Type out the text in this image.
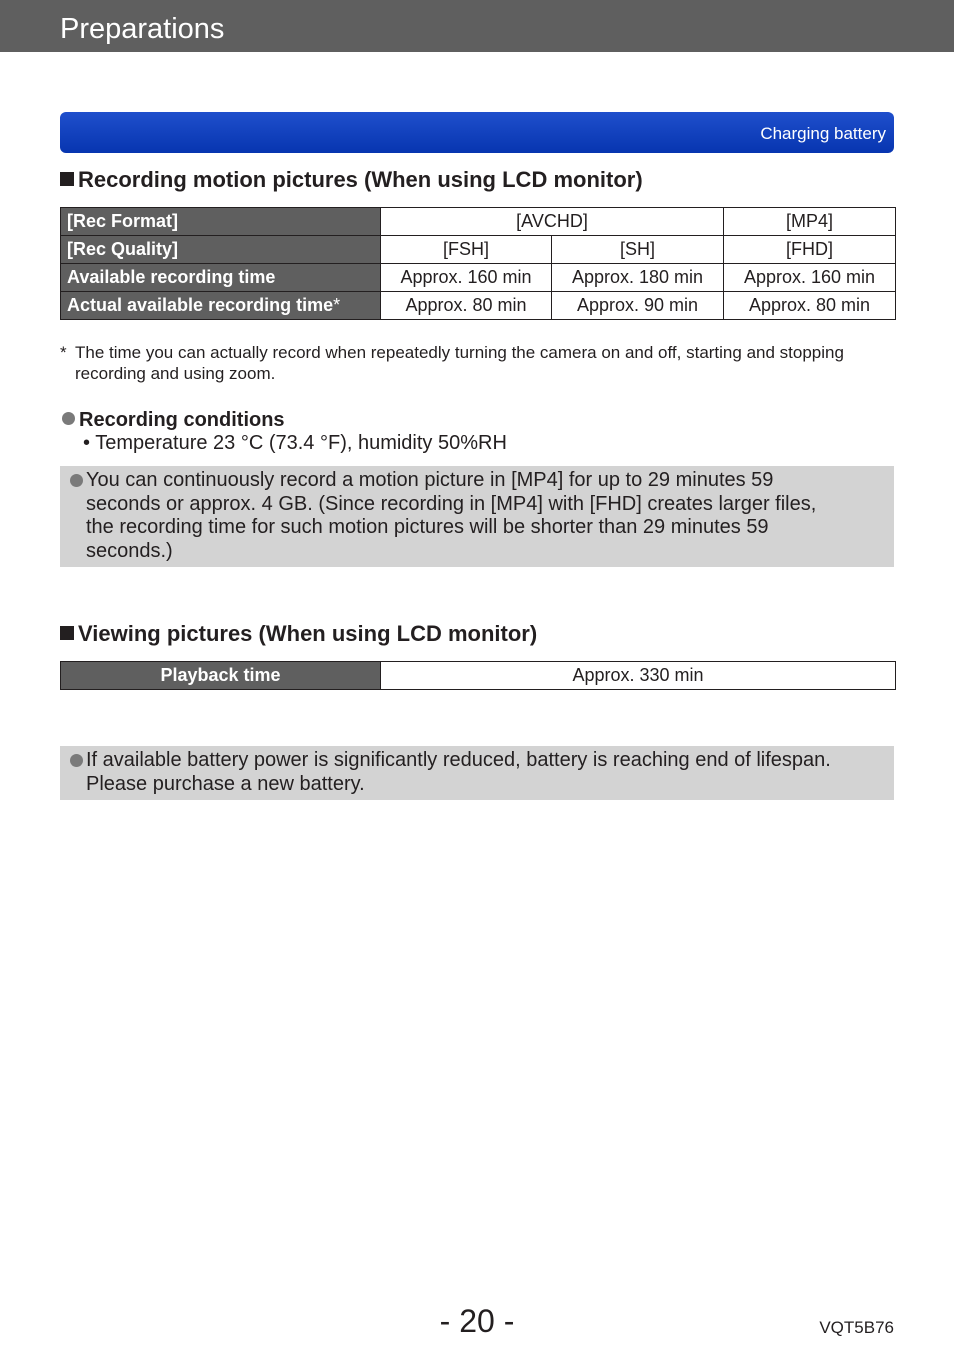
Preparations
Charging battery
Recording motion pictures (When using LCD monitor)
[Rec Format]	[AVCHD]		[MP4]
[Rec Quality]	[FSH]	[SH]	[FHD]
Available recording time	Approx. 160 min	Approx. 180 min	Approx. 160 min
Actual available recording time*	Approx. 80 min	Approx. 90 min	Approx. 80 min
* The time you can actually record when repeatedly turning the camera on and off, starting and stopping recording and using zoom.
Recording conditions
• Temperature 23 °C (73.4 °F), humidity 50%RH
You can continuously record a motion picture in [MP4] for up to 29 minutes 59 seconds or approx. 4 GB. (Since recording in [MP4] with [FHD] creates larger files, the recording time for such motion pictures will be shorter than 29 minutes 59 seconds.)
Viewing pictures (When using LCD monitor)
Playback time	Approx. 330 min
If available battery power is significantly reduced, battery is reaching end of lifespan. Please purchase a new battery.
- 20 -	VQT5B76
